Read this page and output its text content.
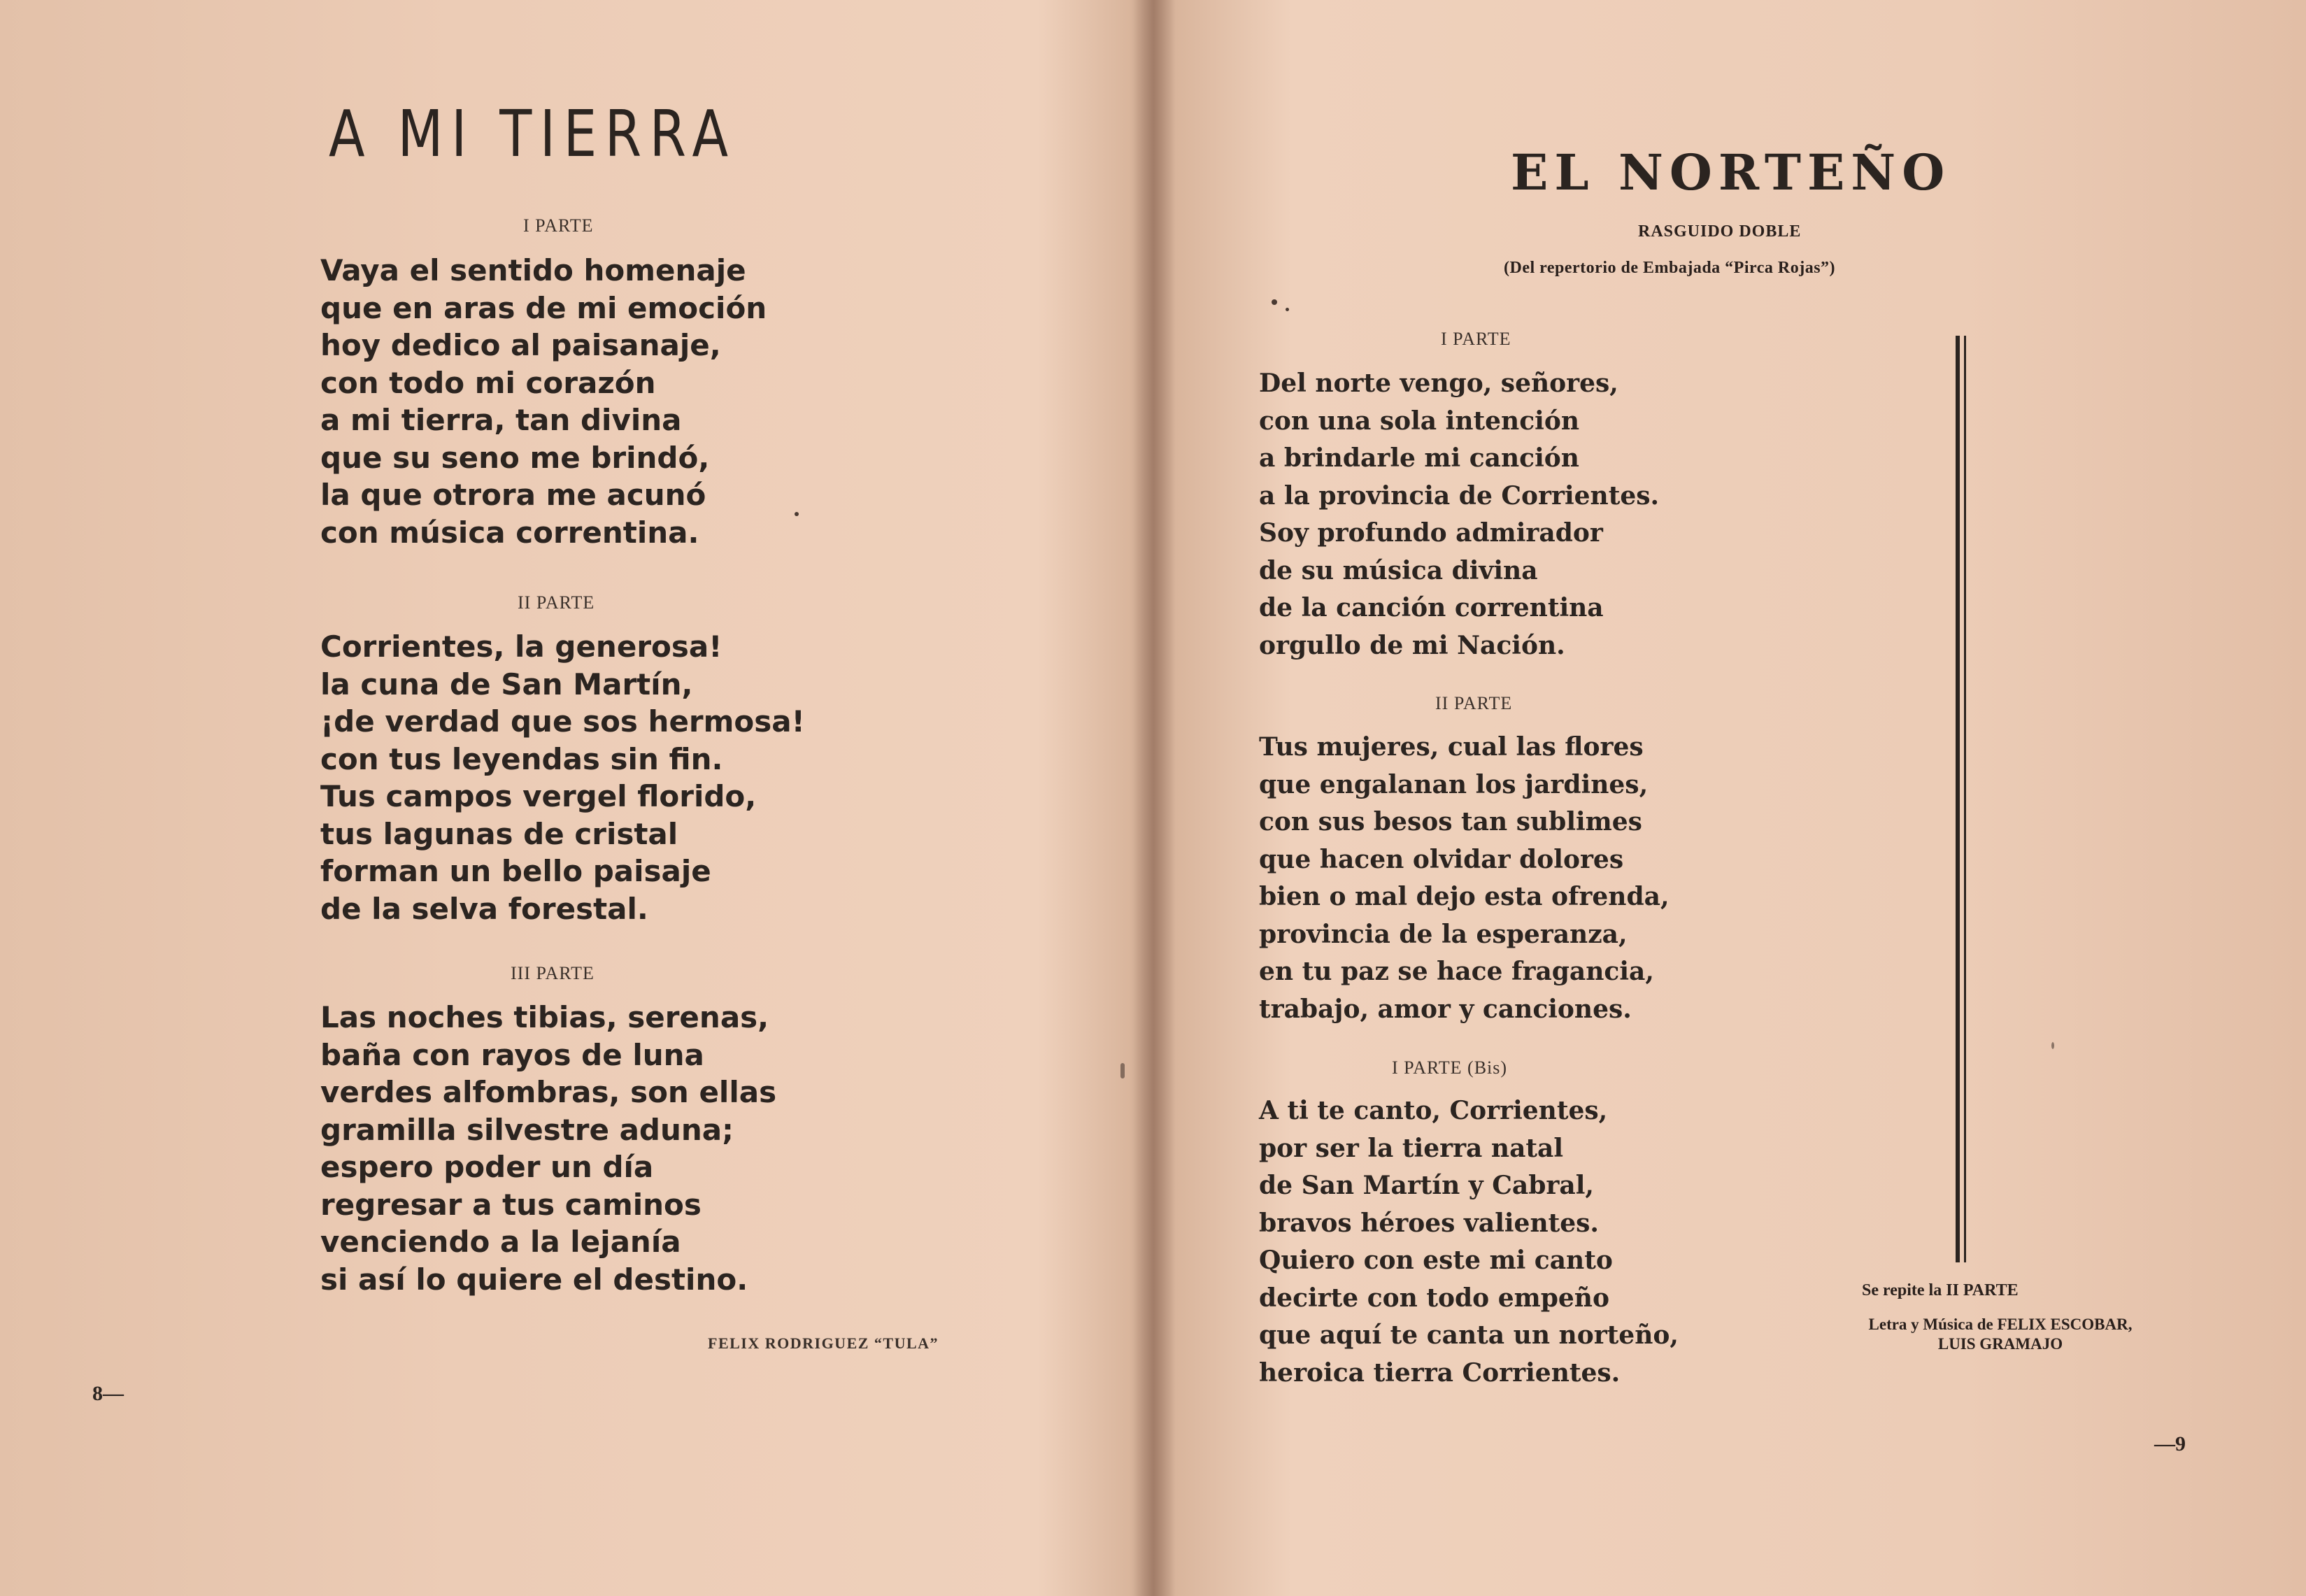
A MI TIERRA
I PARTE
Vaya el sentido homenaje
que en aras de mi emoción
hoy dedico al paisanaje,
con todo mi corazón
a mi tierra, tan divina
que su seno me brindó,
la que otrora me acunó
con música correntina.
II PARTE
Corrientes, la generosa!
la cuna de San Martín,
¡de verdad que sos hermosa!
con tus leyendas sin fin.
Tus campos vergel florido,
tus lagunas de cristal
forman un bello paisaje
de la selva forestal.
III PARTE
Las noches tibias, serenas,
baña con rayos de luna
verdes alfombras, son ellas
gramilla silvestre aduna;
espero poder un día
regresar a tus caminos
venciendo a la lejanía
si así lo quiere el destino.
FELIX RODRIGUEZ “TULA”
8—
EL NORTEÑO
RASGUIDO DOBLE
(Del repertorio de Embajada “Pirca Rojas”)
I PARTE
Del norte vengo, señores,
con una sola intención
a brindarle mi canción
a la provincia de Corrientes.
Soy profundo admirador
de su música divina
de la canción correntina
orgullo de mi Nación.
II PARTE
Tus mujeres, cual las flores
que engalanan los jardines,
con sus besos tan sublimes
que hacen olvidar dolores
bien o mal dejo esta ofrenda,
provincia de la esperanza,
en tu paz se hace fragancia,
trabajo, amor y canciones.
I PARTE (Bis)
A ti te canto, Corrientes,
por ser la tierra natal
de San Martín y Cabral,
bravos héroes valientes.
Quiero con este mi canto
decirte con todo empeño
que aquí te canta un norteño,
heroica tierra Corrientes.
Se repite la II PARTE
Letra y Música de FELIX ESCOBAR,
LUIS GRAMAJO
—9
